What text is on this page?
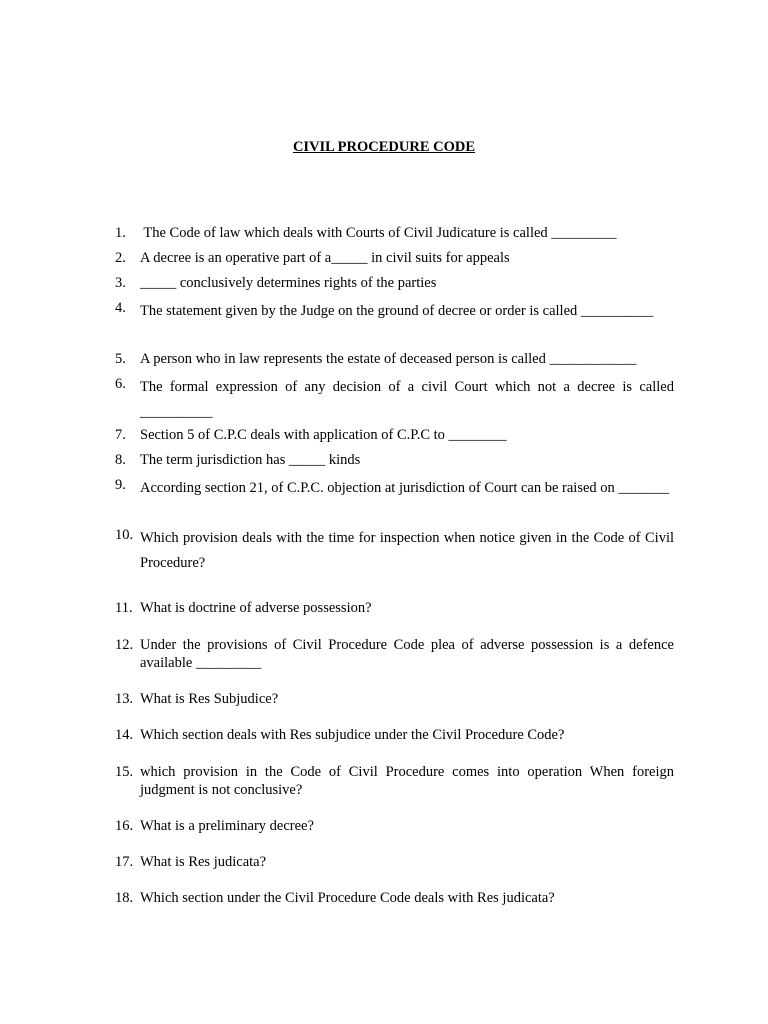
CIVIL PROCEDURE CODE
1. The Code of law which deals with Courts of Civil Judicature is called _________
2. A decree is an operative part of a_____ in civil suits for appeals
3. _____ conclusively determines rights of the parties
4. The statement given by the Judge on the ground of decree or order is called __________
5. A person who in law represents the estate of deceased person is called ____________
6. The formal expression of any decision of a civil Court which not a decree is called __________
7. Section 5 of C.P.C deals with application of C.P.C to ________
8. The term jurisdiction has _____ kinds
9. According section 21, of C.P.C. objection at jurisdiction of Court can be raised on _______
10. Which provision deals with the time for inspection when notice given in the Code of Civil Procedure?
11. What is doctrine of adverse possession?
12. Under the provisions of Civil Procedure Code plea of adverse possession is a defence available _________
13. What is Res Subjudice?
14. Which section deals with Res subjudice under the Civil Procedure Code?
15. which provision in the Code of Civil Procedure comes into operation When foreign judgment is not conclusive?
16. What is a preliminary decree?
17. What is Res judicata?
18. Which section under the Civil Procedure Code deals with Res judicata?
